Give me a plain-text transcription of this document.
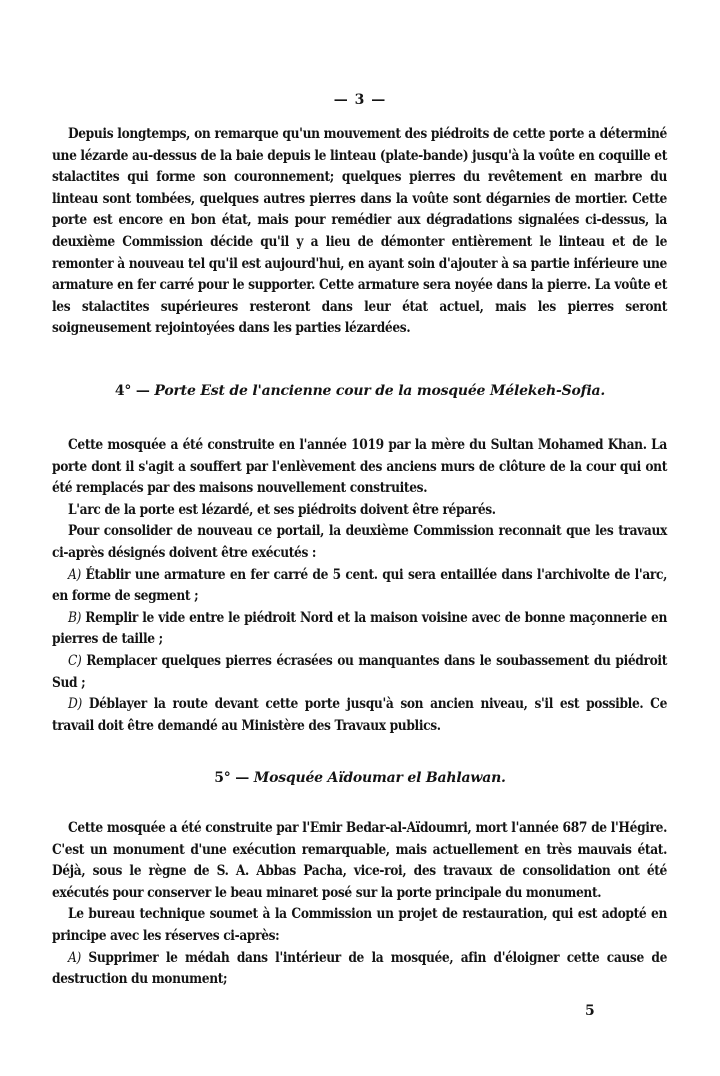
— 3 —

Depuis longtemps, on remarque qu'un mouvement des piédroits de cette porte a déterminé une lézarde au-dessus de la baie depuis le linteau (plate-bande) jusqu'à la voûte en coquille et stalactites qui forme son couronnement; quelques pierres du revêtement en marbre du linteau sont tombées, quelques autres pierres dans la voûte sont dégarnies de mortier. Cette porte est encore en bon état, mais pour remédier aux dégradations signalées ci-dessus, la deuxième Commission décide qu'il y a lieu de démonter entièrement le linteau et de le remonter à nouveau tel qu'il est aujourd'hui, en ayant soin d'ajouter à sa partie inférieure une armature en fer carré pour le supporter. Cette armature sera noyée dans la pierre. La voûte et les stalactites supérieures resteront dans leur état actuel, mais les pierres seront soigneusement rejointoyées dans les parties lézardées.

4° — Porte Est de l'ancienne cour de la mosquée Mélekeh-Sofia.

Cette mosquée a été construite en l'année 1019 par la mère du Sultan Mohamed Khan. La porte dont il s'agit a souffert par l'enlèvement des anciens murs de clôture de la cour qui ont été remplacés par des maisons nouvellement construites.

L'arc de la porte est lézardé, et ses piédroits doivent être réparés.

Pour consolider de nouveau ce portail, la deuxième Commission reconnait que les travaux ci-après désignés doivent être exécutés :

A) Établir une armature en fer carré de 5 cent. qui sera entaillée dans l'archivolte de l'arc, en forme de segment ;

B) Remplir le vide entre le piédroit Nord et la maison voisine avec de bonne maçonnerie en pierres de taille ;

C) Remplacer quelques pierres écrasées ou manquantes dans le soubassement du piédroit Sud ;

D) Déblayer la route devant cette porte jusqu'à son ancien niveau, s'il est possible. Ce travail doit être demandé au Ministère des Travaux publics.

5° — Mosquée Aïdoumar el Bahlawan.

Cette mosquée a été construite par l'Emir Bedar-al-Aïdoumri, mort l'année 687 de l'Hégire. C'est un monument d'une exécution remarquable, mais actuellement en très mauvais état. Déjà, sous le règne de S. A. Abbas Pacha, vice-roi, des travaux de consolidation ont été exécutés pour conserver le beau minaret posé sur la porte principale du monument.

Le bureau technique soumet à la Commission un projet de restauration, qui est adopté en principe avec les réserves ci-après:

A) Supprimer le médah dans l'intérieur de la mosquée, afin d'éloigner cette cause de destruction du monument;

5
